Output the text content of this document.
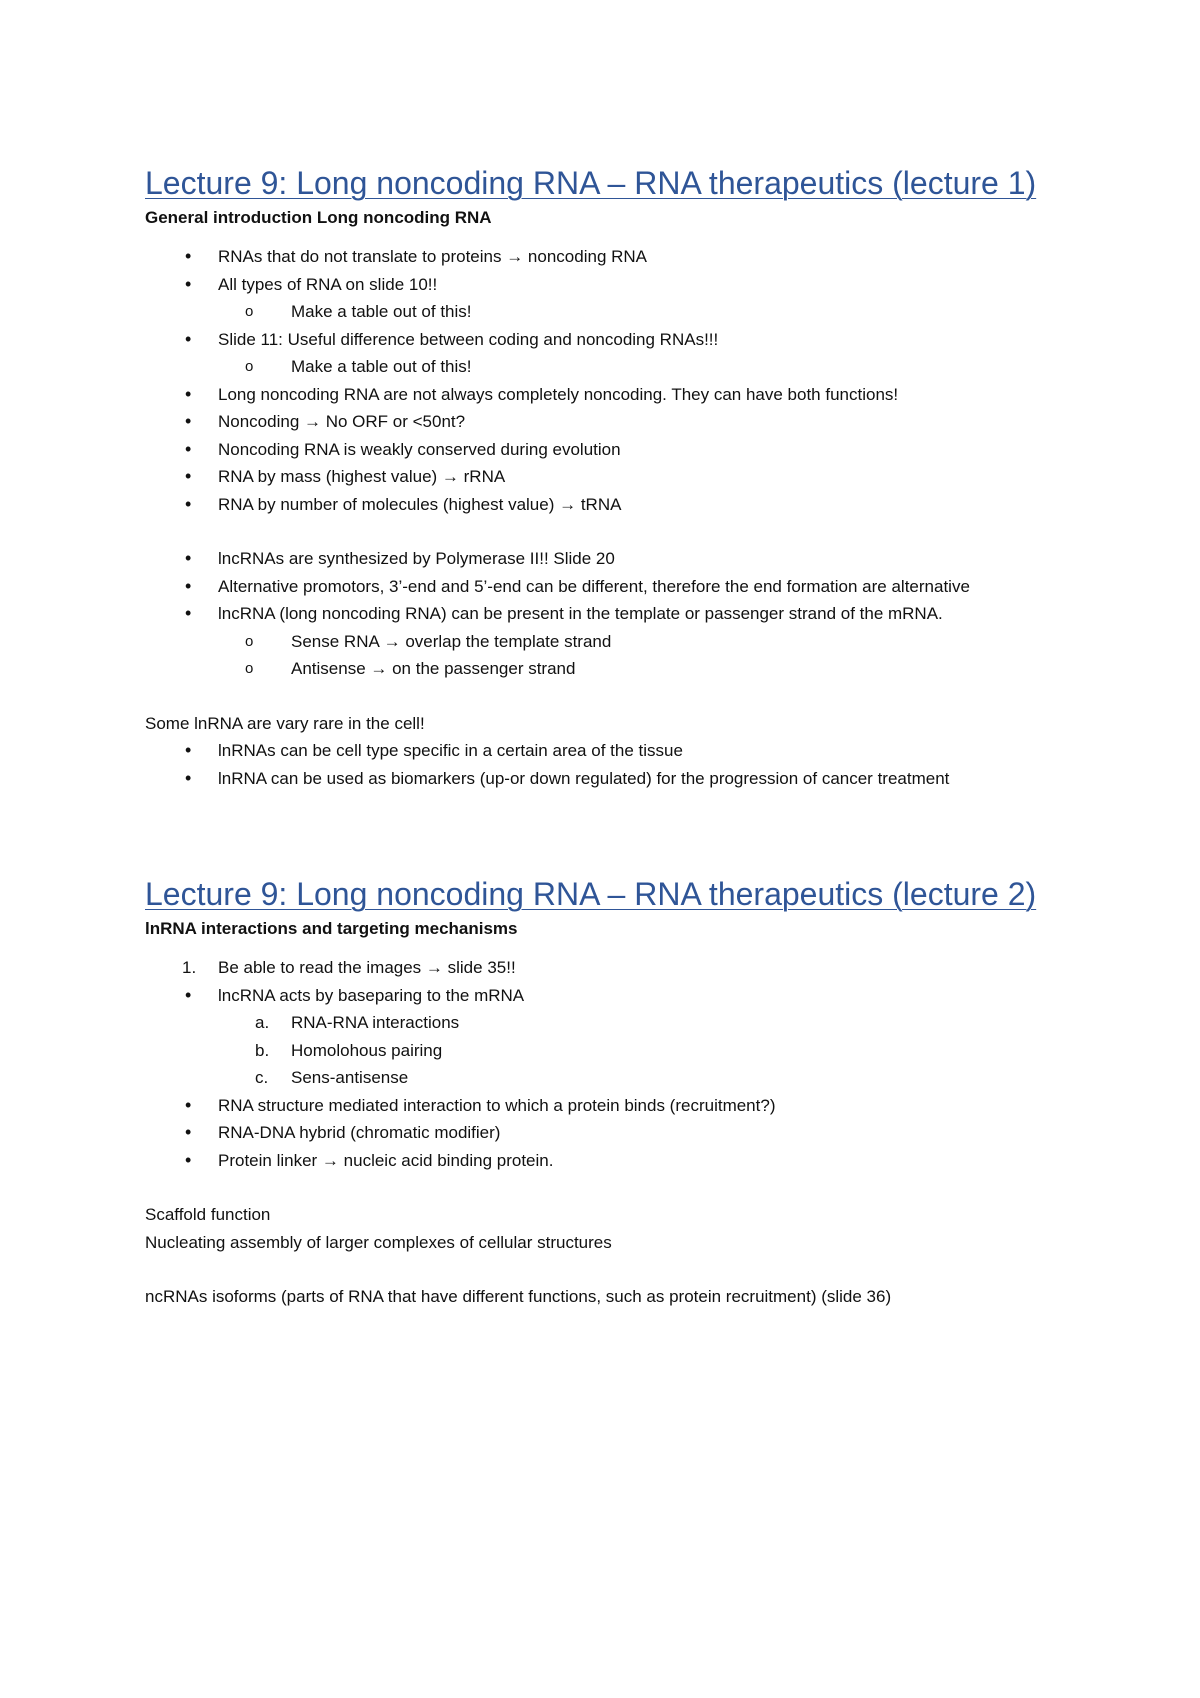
Lecture 9: Long noncoding RNA – RNA therapeutics (lecture 1)
General introduction Long noncoding RNA
• RNAs that do not translate to proteins → noncoding RNA
• All types of RNA on slide 10!!
o Make a table out of this!
• Slide 11: Useful difference between coding and noncoding RNAs!!!
o Make a table out of this!
• Long noncoding RNA are not always completely noncoding. They can have both functions!
• Noncoding → No ORF or <50nt?
• Noncoding RNA is weakly conserved during evolution
• RNA by mass (highest value) → rRNA
• RNA by number of molecules (highest value) → tRNA
• lncRNAs are synthesized by Polymerase II!! Slide 20
• Alternative promotors, 3’-end and 5’-end can be different, therefore the end formation are alternative
• lncRNA (long noncoding RNA) can be present in the template or passenger strand of the mRNA.
o Sense RNA → overlap the template strand
o Antisense → on the passenger strand
Some lnRNA are vary rare in the cell!
• lnRNAs can be cell type specific in a certain area of the tissue
• lnRNA can be used as biomarkers (up-or down regulated) for the progression of cancer treatment
Lecture 9: Long noncoding RNA – RNA therapeutics (lecture 2)
lnRNA interactions and targeting mechanisms
1. Be able to read the images → slide 35!!
• lncRNA acts by baseparing to the mRNA
a. RNA-RNA interactions
b. Homolohous pairing
c. Sens-antisense
• RNA structure mediated interaction to which a protein binds (recruitment?)
• RNA-DNA hybrid (chromatic modifier)
• Protein linker → nucleic acid binding protein.
Scaffold function
Nucleating assembly of larger complexes of cellular structures
ncRNAs isoforms (parts of RNA that have different functions, such as protein recruitment) (slide 36)
